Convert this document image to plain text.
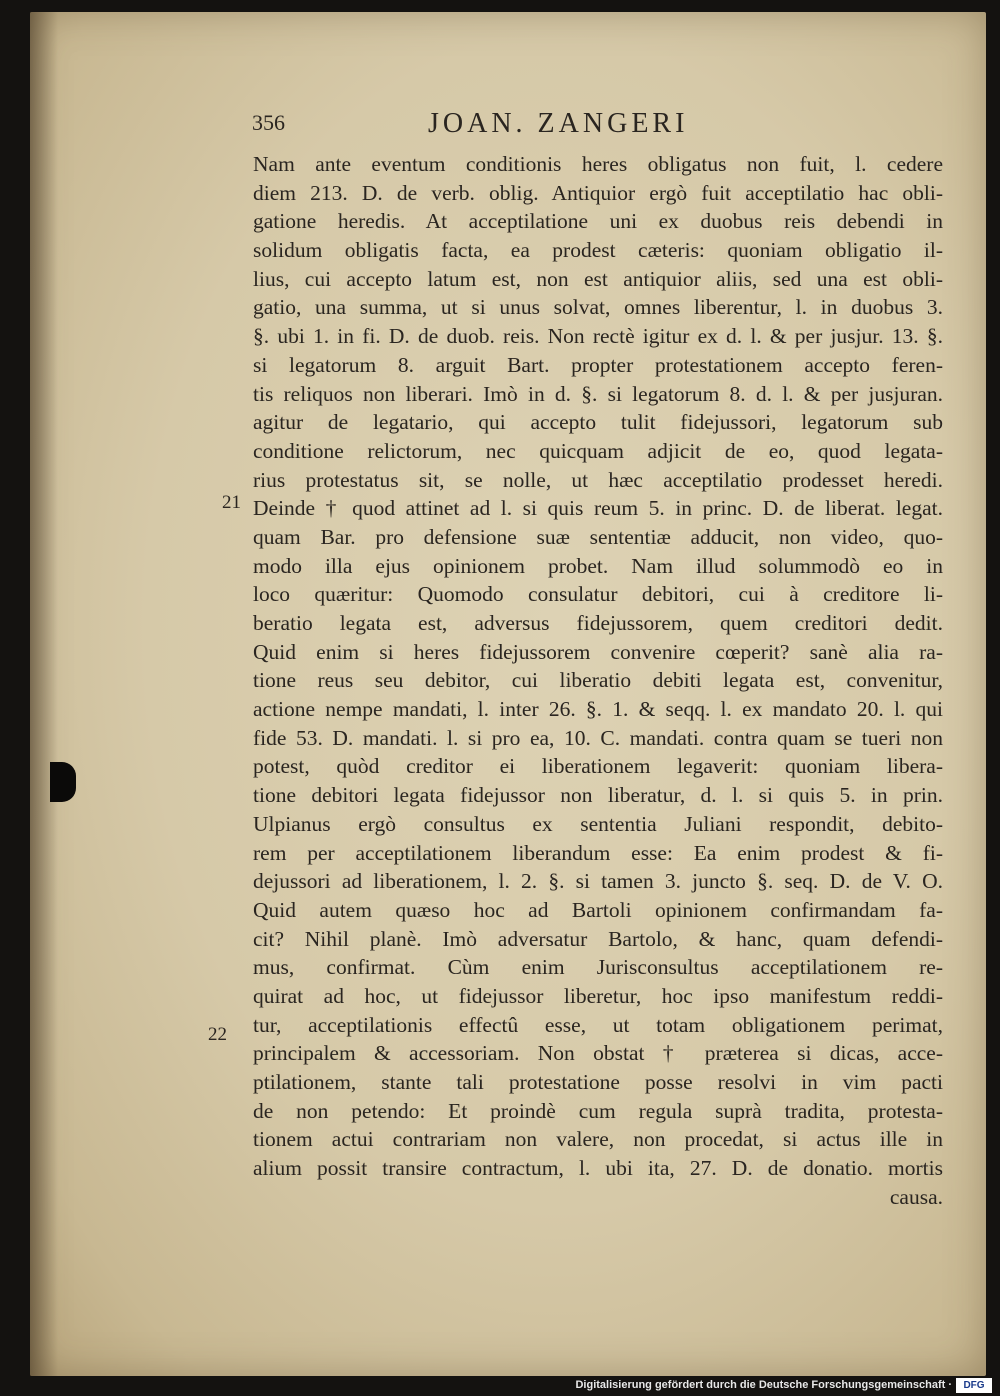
356	JOAN. ZANGERI
21
22
Nam ante eventum conditionis heres obligatus non fuit, l. cedere
diem 213. D. de verb. oblig. Antiquior ergò fuit acceptilatio hac obli-
gatione heredis. At acceptilatione uni ex duobus reis debendi in
solidum obligatis facta, ea prodest cæteris: quoniam obligatio il-
lius, cui accepto latum est, non est antiquior aliis, sed una est obli-
gatio, una summa, ut si unus solvat, omnes liberentur, l. in duobus 3.
§. ubi 1. in fi. D. de duob. reis. Non rectè igitur ex d. l. & per jusjur. 13. §.
si legatorum 8. arguit Bart. propter protestationem accepto feren-
tis reliquos non liberari. Imò in d. §. si legatorum 8. d. l. & per jusjuran.
agitur de legatario, qui accepto tulit fidejussori, legatorum sub
conditione relictorum, nec quicquam adjicit de eo, quod legata-
rius protestatus sit, se nolle, ut hæc acceptilatio prodesset heredi.
Deinde † quod attinet ad l. si quis reum 5. in princ. D. de liberat. legat.
quam Bar. pro defensione suæ sententiæ adducit, non video, quo-
modo illa ejus opinionem probet. Nam illud solummodò eo in
loco quæritur: Quomodo consulatur debitori, cui à creditore li-
beratio legata est, adversus fidejussorem, quem creditori dedit.
Quid enim si heres fidejussorem convenire cœperit? sanè alia ra-
tione reus seu debitor, cui liberatio debiti legata est, convenitur,
actione nempe mandati, l. inter 26. §. 1. & seqq. l. ex mandato 20. l. qui
fide 53. D. mandati. l. si pro ea, 10. C. mandati. contra quam se tueri non
potest, quòd creditor ei liberationem legaverit: quoniam libera-
tione debitori legata fidejussor non liberatur, d. l. si quis 5. in prin.
Ulpianus ergò consultus ex sententia Juliani respondit, debito-
rem per acceptilationem liberandum esse: Ea enim prodest & fi-
dejussori ad liberationem, l. 2. §. si tamen 3. juncto §. seq. D. de V. O.
Quid autem quæso hoc ad Bartoli opinionem confirmandam fa-
cit? Nihil planè. Imò adversatur Bartolo, & hanc, quam defendi-
mus, confirmat. Cùm enim Jurisconsultus acceptilationem re-
quirat ad hoc, ut fidejussor liberetur, hoc ipso manifestum reddi-
tur, acceptilationis effectû esse, ut totam obligationem perimat,
principalem & accessoriam. Non obstat † præterea si dicas, acce-
ptilationem, stante tali protestatione posse resolvi in vim pacti
de non petendo: Et proindè cum regula suprà tradita, protesta-
tionem actui contrariam non valere, non procedat, si actus ille in
alium possit transire contractum, l. ubi ita, 27. D. de donatio. mortis
causa.
Digitalisierung gefördert durch die Deutsche Forschungsgemeinschaft ·	DFG
